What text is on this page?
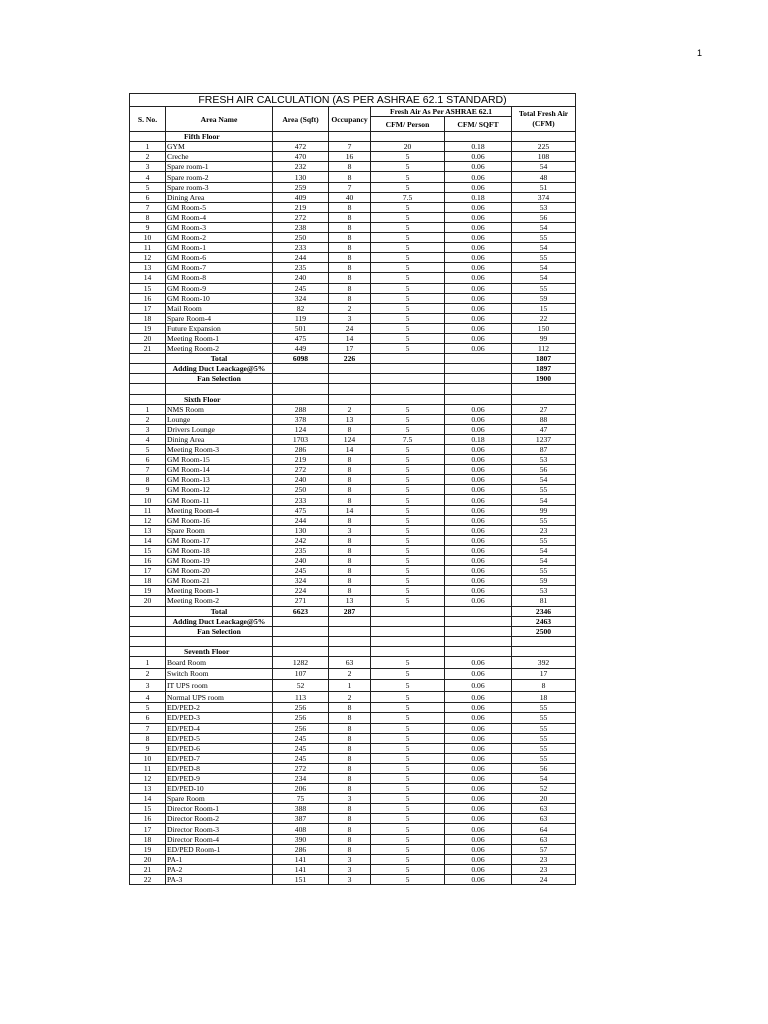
1
FRESH AIR CALCULATION (AS PER ASHRAE 62.1 STANDARD)						
S. No.	Area Name	Area (Sqft)	Occupancy	Fresh Air As Per ASHRAE 62.1		Total Fresh Air (CFM)
				CFM/ Person	CFM/ SQFT	
	Fifth Floor					
1	GYM	472	7	20	0.18	225
2	Creche	470	16	5	0.06	108
3	Spare room-1	232	8	5	0.06	54
4	Spare room-2	130	8	5	0.06	48
5	Spare room-3	259	7	5	0.06	51
6	Dining Area	409	40	7.5	0.18	374
7	GM Room-5	219	8	5	0.06	53
8	GM Room-4	272	8	5	0.06	56
9	GM Room-3	238	8	5	0.06	54
10	GM Room-2	250	8	5	0.06	55
11	GM Room-1	233	8	5	0.06	54
12	GM Room-6	244	8	5	0.06	55
13	GM Room-7	235	8	5	0.06	54
14	GM Room-8	240	8	5	0.06	54
15	GM Room-9	245	8	5	0.06	55
16	GM Room-10	324	8	5	0.06	59
17	Mail Room	82	2	5	0.06	15
18	Spare Room-4	119	3	5	0.06	22
19	Future Expansion	501	24	5	0.06	150
20	Meeting Room-1	475	14	5	0.06	99
21	Meeting Room-2	449	17	5	0.06	112
	Total	6098	226			1807
	Adding Duct Leackage@5%					1897
	Fan Selection					1900

	Sixth Floor					
1	NMS Room	288	2	5	0.06	27
2	Lounge	378	13	5	0.06	88
3	Drivers Lounge	124	8	5	0.06	47
4	Dining Area	1703	124	7.5	0.18	1237
5	Meeting Room-3	286	14	5	0.06	87
6	GM Room-15	219	8	5	0.06	53
7	GM Room-14	272	8	5	0.06	56
8	GM Room-13	240	8	5	0.06	54
9	GM Room-12	250	8	5	0.06	55
10	GM Room-11	233	8	5	0.06	54
11	Meeting Room-4	475	14	5	0.06	99
12	GM Room-16	244	8	5	0.06	55
13	Spare Room	130	3	5	0.06	23
14	GM Room-17	242	8	5	0.06	55
15	GM Room-18	235	8	5	0.06	54
16	GM Room-19	240	8	5	0.06	54
17	GM Room-20	245	8	5	0.06	55
18	GM Room-21	324	8	5	0.06	59
19	Meeting Room-1	224	8	5	0.06	53
20	Meeting Room-2	271	13	5	0.06	81
	Total	6623	287			2346
	Adding Duct Leackage@5%					2463
	Fan Selection					2500

	Seventh Floor					
1	Board Room	1282	63	5	0.06	392
2	Switch Room	107	2	5	0.06	17
3	IT UPS room	52	1	5	0.06	8
4	Normal UPS room	113	2	5	0.06	18
5	ED/PED-2	256	8	5	0.06	55
6	ED/PED-3	256	8	5	0.06	55
7	ED/PED-4	256	8	5	0.06	55
8	ED/PED-5	245	8	5	0.06	55
9	ED/PED-6	245	8	5	0.06	55
10	ED/PED-7	245	8	5	0.06	55
11	ED/PED-8	272	8	5	0.06	56
12	ED/PED-9	234	8	5	0.06	54
13	ED/PED-10	206	8	5	0.06	52
14	Spare Room	75	3	5	0.06	20
15	Director Room-1	388	8	5	0.06	63
16	Director Room-2	387	8	5	0.06	63
17	Director Room-3	408	8	5	0.06	64
18	Director Room-4	390	8	5	0.06	63
19	ED/PED Room-1	286	8	5	0.06	57
20	PA-1	141	3	5	0.06	23
21	PA-2	141	3	5	0.06	23
22	PA-3	151	3	5	0.06	24
